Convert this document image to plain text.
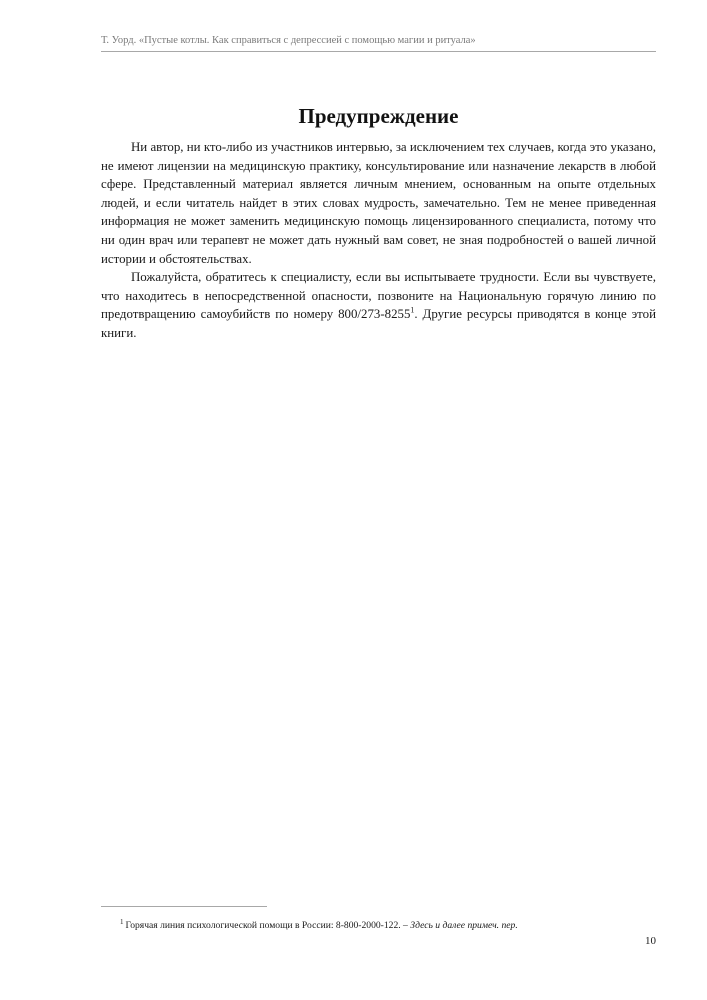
Т. Уорд. «Пустые котлы. Как справиться с депрессией с помощью магии и ритуала»
Предупреждение

Ни автор, ни кто-либо из участников интервью, за исключением тех случаев, когда это указано, не имеют лицензии на медицинскую практику, консультирование или назначение лекарств в любой сфере. Представленный материал является личным мнением, основанным на опыте отдельных людей, и если читатель найдет в этих словах мудрость, замечательно. Тем не менее приведенная информация не может заменить медицинскую помощь лицензированного специалиста, потому что ни один врач или терапевт не может дать нужный вам совет, не зная подробностей о вашей личной истории и обстоятельствах.

Пожалуйста, обратитесь к специалисту, если вы испытываете трудности. Если вы чувствуете, что находитесь в непосредственной опасности, позвоните на Национальную горячую линию по предотвращению самоубийств по номеру 800/273-8255$^1$. Другие ресурсы приводятся в конце этой книги.

$^1$ Горячая линия психологической помощи в России: 8-800-2000-122. – Здесь и далее примеч. пер.
10
